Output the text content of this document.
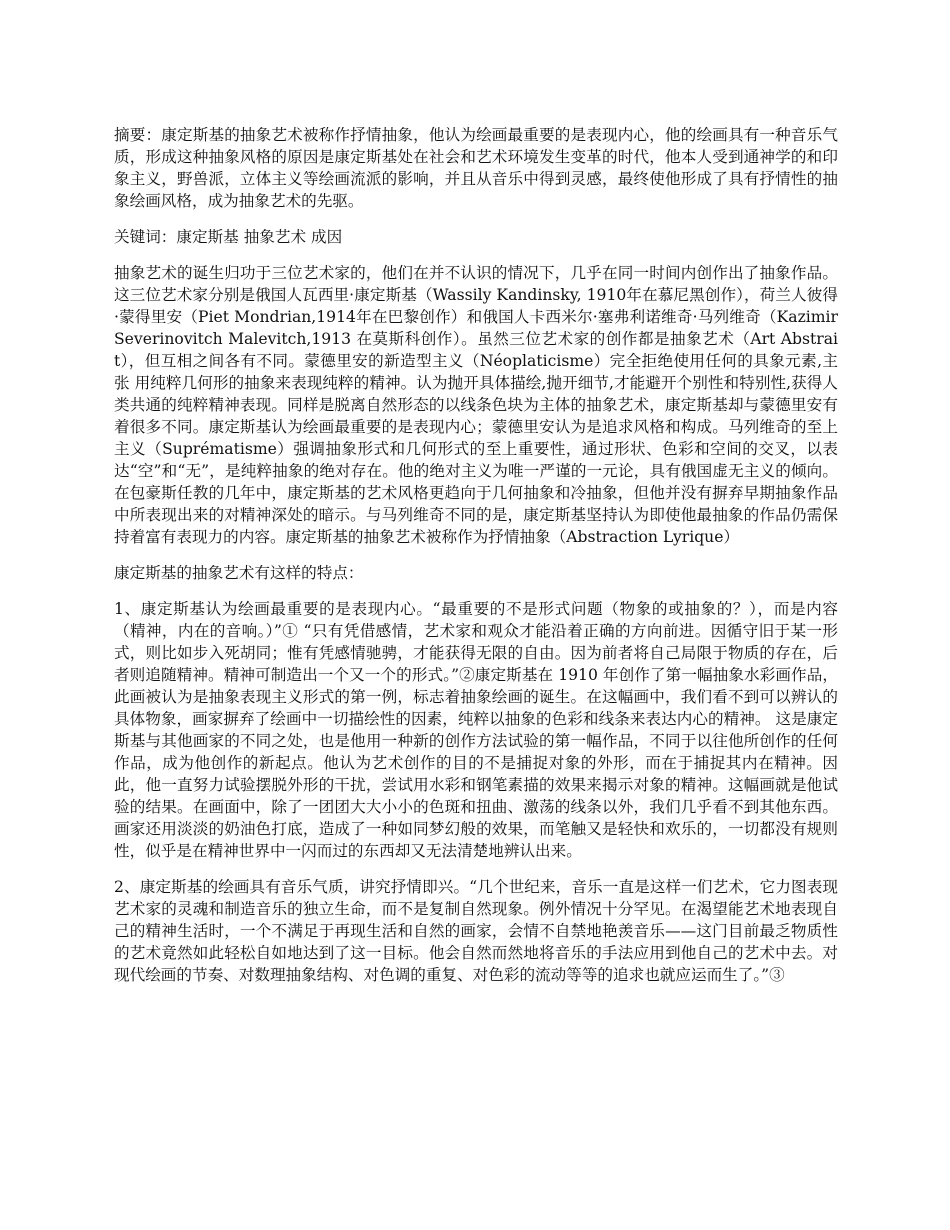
摘要：康定斯基的抽象艺术被称作抒情抽象，他认为绘画最重要的是表现内心，他的绘画具有一种音乐气质，形成这种抽象风格的原因是康定斯基处在社会和艺术环境发生变革的时代，他本人受到通神学的和印象主义，野兽派，立体主义等绘画流派的影响，并且从音乐中得到灵感，最终使他形成了具有抒情性的抽象绘画风格，成为抽象艺术的先驱。

关键词：康定斯基 抽象艺术 成因

抽象艺术的诞生归功于三位艺术家的，他们在并不认识的情况下，几乎在同一时间内创作出了抽象作品。这三位艺术家分别是俄国人瓦西里·康定斯基（Wassily Kandinsky, 1910年在慕尼黑创作），荷兰人彼得·蒙得里安（Piet Mondrian,1914年在巴黎创作）和俄国人卡西米尔·塞弗利诺维奇·马列维奇（Kazimir Severinovitch Malevitch,1913 在莫斯科创作）。虽然三位艺术家的创作都是抽象艺术（Art Abstrait），但互相之间各有不同。蒙德里安的新造型主义（Néoplaticisme）完全拒绝使用任何的具象元素,主张 用纯粹几何形的抽象来表现纯粹的精神。认为抛开具体描绘,抛开细节,才能避开个别性和特别性,获得人类共通的纯粹精神表现。同样是脱离自然形态的以线条色块为主体的抽象艺术，康定斯基却与蒙德里安有着很多不同。康定斯基认为绘画最重要的是表现内心；蒙德里安认为是追求风格和构成。马列维奇的至上主义（Suprématisme）强调抽象形式和几何形式的至上重要性，通过形状、色彩和空间的交叉，以表达“空”和“无”，是纯粹抽象的绝对存在。他的绝对主义为唯一严谨的一元论，具有俄国虚无主义的倾向。在包豪斯任教的几年中，康定斯基的艺术风格更趋向于几何抽象和冷抽象，但他并没有摒弃早期抽象作品中所表现出来的对精神深处的暗示。与马列维奇不同的是，康定斯基坚持认为即使他最抽象的作品仍需保持着富有表现力的内容。康定斯基的抽象艺术被称作为抒情抽象（Abstraction Lyrique）

康定斯基的抽象艺术有这样的特点：

1、康定斯基认为绘画最重要的是表现内心。“最重要的不是形式问题（物象的或抽象的？），而是内容（精神，内在的音响。）”① “只有凭借感情，艺术家和观众才能沿着正确的方向前进。因循守旧于某一形式，则比如步入死胡同；惟有凭感情驰骋，才能获得无限的自由。因为前者将自己局限于物质的存在，后者则追随精神。精神可制造出一个又一个的形式。”②康定斯基在 1910 年创作了第一幅抽象水彩画作品，此画被认为是抽象表现主义形式的第一例，标志着抽象绘画的诞生。在这幅画中，我们看不到可以辨认的具体物象，画家摒弃了绘画中一切描绘性的因素，纯粹以抽象的色彩和线条来表达内心的精神。 这是康定斯基与其他画家的不同之处，也是他用一种新的创作方法试验的第一幅作品，不同于以往他所创作的任何作品，成为他创作的新起点。他认为艺术创作的目的不是捕捉对象的外形，而在于捕捉其内在精神。因此，他一直努力试验摆脱外形的干扰，尝试用水彩和钢笔素描的效果来揭示对象的精神。这幅画就是他试验的结果。在画面中，除了一团团大大小小的色斑和扭曲、激荡的线条以外，我们几乎看不到其他东西。画家还用淡淡的奶油色打底，造成了一种如同梦幻般的效果，而笔触又是轻快和欢乐的，一切都没有规则性，似乎是在精神世界中一闪而过的东西却又无法清楚地辨认出来。

2、康定斯基的绘画具有音乐气质，讲究抒情即兴。“几个世纪来，音乐一直是这样一们艺术，它力图表现艺术家的灵魂和制造音乐的独立生命，而不是复制自然现象。例外情况十分罕见。在渴望能艺术地表现自己的精神生活时，一个不满足于再现生活和自然的画家，会情不自禁地艳羡音乐——这门目前最乏物质性的艺术竟然如此轻松自如地达到了这一目标。他会自然而然地将音乐的手法应用到他自己的艺术中去。对现代绘画的节奏、对数理抽象结构、对色调的重复、对色彩的流动等等的追求也就应运而生了。”③
